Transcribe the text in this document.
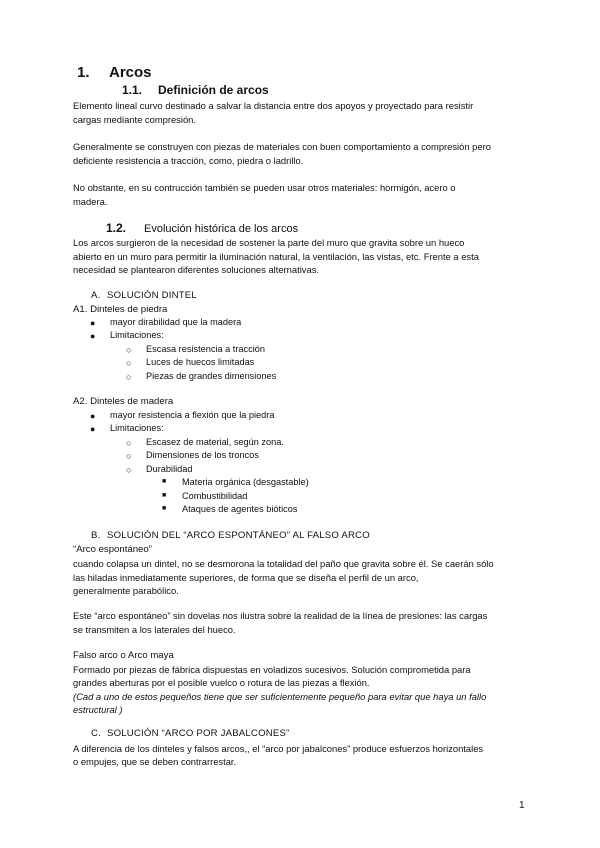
1. Arcos
1.1. Definición de arcos
Elemento lineal curvo destinado a salvar la distancia entre dos apoyos y proyectado para resistir
cargas mediante compresión.
Generalmente se construyen con piezas de materiales con buen comportamiento a compresión pero
deficiente resistencia a tracción, como, piedra o ladrillo.
No obstante, en su contrucción también se pueden usar otros materiales: hormigón, acero o
madera.
1.2. Evolución histórica de los arcos
Los arcos surgieron de la necesidad de sostener la parte del muro que gravita sobre un hueco
abierto en un muro para permitir la iluminación natural, la ventilación, las vistas, etc. Frente a esta
necesidad se plantearon diferentes soluciones alternativas.
A. SOLUCIÓN DINTEL
A1. Dinteles de piedra
● mayor dirabilidad que la madera
● Limitaciones:
○ Escasa resistencia a tracción
○ Luces de huecos limitadas
○ Piezas de grandes dimensiones
A2. Dinteles de madera
● mayor resistencia a flexión que la piedra
● Limitaciones:
○ Escasez de material, según zona.
○ Dimensiones de los troncos
○ Durabilidad
■ Materia orgánica (desgastable)
■ Combustibilidad
■ Ataques de agentes bióticos
B. SOLUCIÓN DEL “ARCO ESPONTÁNEO” AL FALSO ARCO
“Arco espontáneo”
cuando colapsa un dintel, no se desmorona la totalidad del paño que gravita sobre él. Se caerán sólo
las hiladas inmediatamente superiores, de forma que se diseña el perfil de un arco,
generalmente parabólico.
Este “arco espontáneo” sin dovelas nos ilustra sobre la realidad de la línea de presiones: las cargas
se transmiten a los laterales del hueco.
Falso arco o Arco maya
Formado por piezas de fábrica dispuestas en voladizos sucesivos. Solución comprometida para
grandes aberturas por el posible vuelco o rotura de las piezas a flexión.
(Cad a uno de estos pequeños tiene que ser suficientemente pequeño para evitar que haya un fallo
estructural )
C. SOLUCIÓN “ARCO POR JABALCONES”
A diferencia de los dinteles y falsos arcos,, el “arco por jabalcones” produce esfuerzos horizontales
o empujes, que se deben contrarrestar.
1
